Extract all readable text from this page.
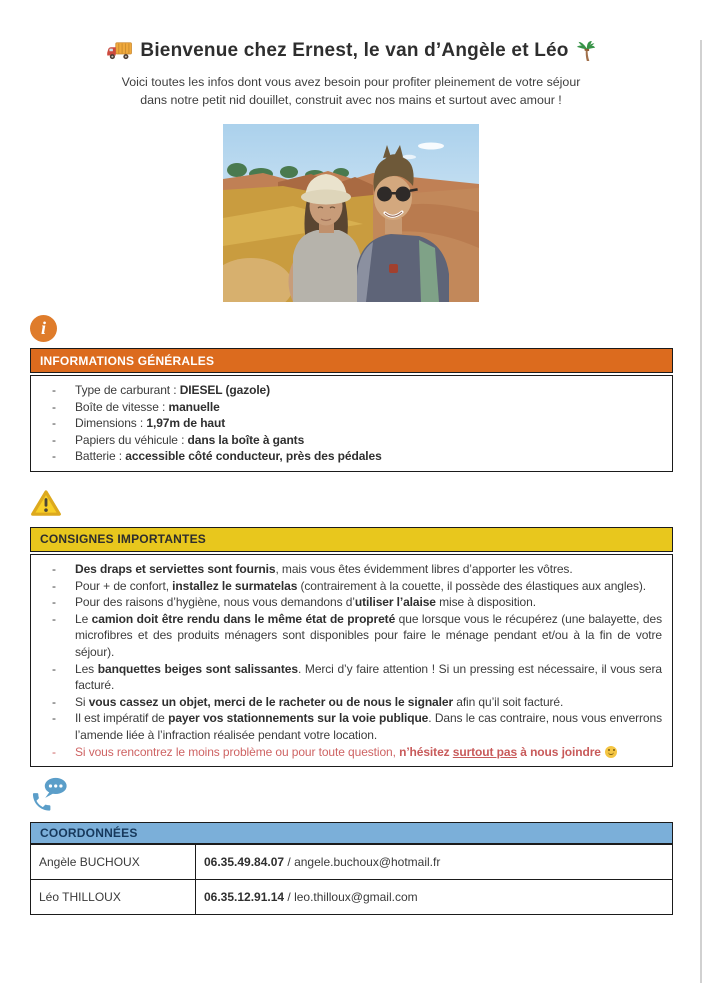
Bienvenue chez Ernest, le van d’Angèle et Léo
Voici toutes les infos dont vous avez besoin pour profiter pleinement de votre séjour
dans notre petit nid douillet, construit avec nos mains et surtout avec amour !
i
INFORMATIONS GÉNÉRALES
-	Type de carburant : DIESEL (gazole)
-	Boîte de vitesse : manuelle
-	Dimensions : 1,97m de haut
-	Papiers du véhicule : dans la boîte à gants
-	Batterie : accessible côté conducteur, près des pédales
CONSIGNES IMPORTANTES
-	Des draps et serviettes sont fournis, mais vous êtes évidemment libres d’apporter les vôtres.
-	Pour + de confort, installez le surmatelas (contrairement à la couette, il possède des élastiques aux angles).
-	Pour des raisons d’hygiène, nous vous demandons d’utiliser l’alaise mise à disposition.
-	Le camion doit être rendu dans le même état de propreté que lorsque vous le récupérez (une balayette, des microfibres et des produits ménagers sont disponibles pour faire le ménage pendant et/ou à la fin de votre séjour).
-	Les banquettes beiges sont salissantes. Merci d’y faire attention ! Si un pressing est nécessaire, il vous sera facturé.
-	Si vous cassez un objet, merci de le racheter ou de nous le signaler afin qu’il soit facturé.
-	Il est impératif de payer vos stationnements sur la voie publique. Dans le cas contraire, nous vous enverrons l’amende liée à l’infraction réalisée pendant votre location.
-	Si vous rencontrez le moins problème ou pour toute question, n’hésitez surtout pas à nous joindre
COORDONNÉES
Angèle BUCHOUX	06.35.49.84.07 / angele.buchoux@hotmail.fr
Léo THILLOUX	06.35.12.91.14 / leo.thilloux@gmail.com
